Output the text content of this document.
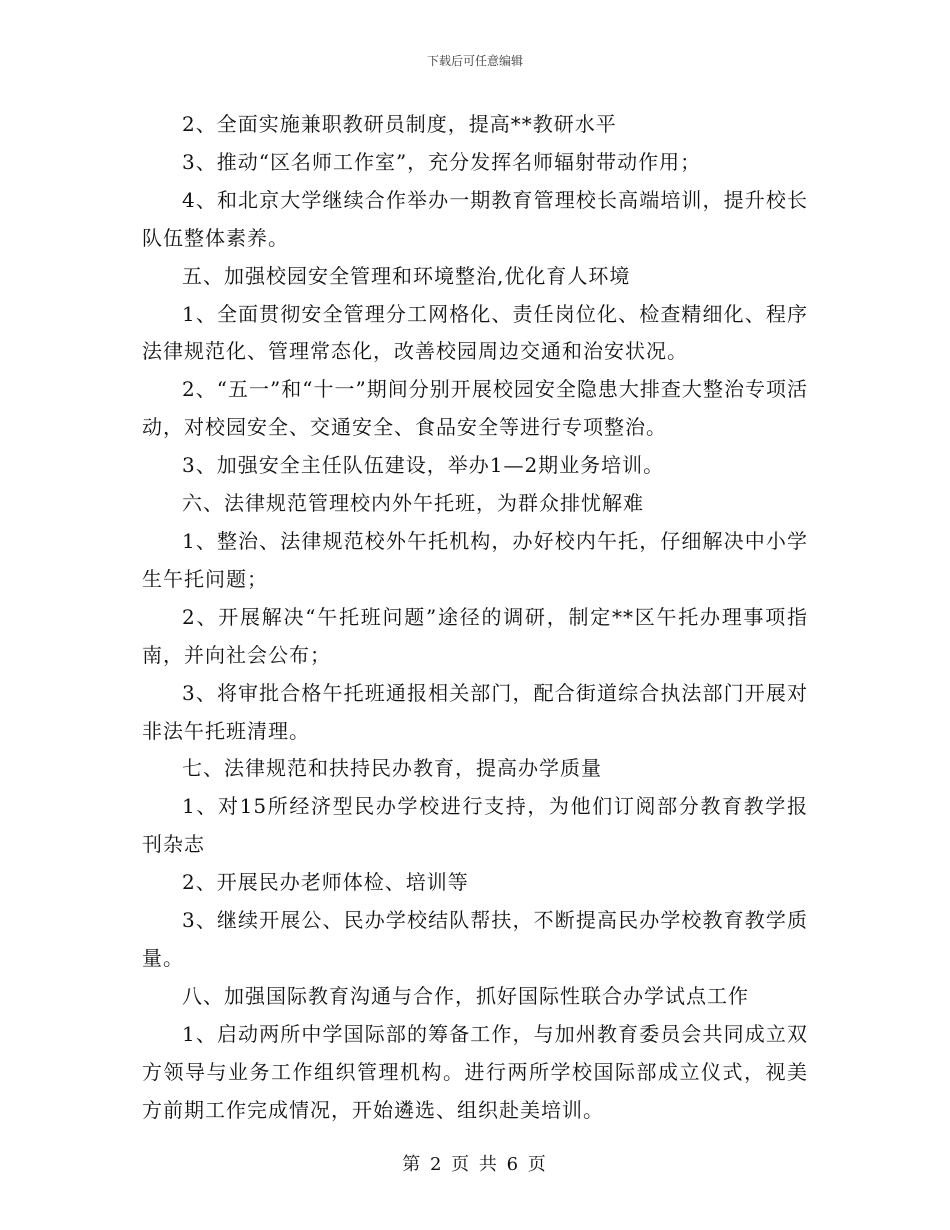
下载后可任意编辑

2、全面实施兼职教研员制度，提高**教研水平

3、推动“区名师工作室”，充分发挥名师辐射带动作用；

4、和北京大学继续合作举办一期教育管理校长高端培训，提升校长队伍整体素养。

五、加强校园安全管理和环境整治,优化育人环境

1、全面贯彻安全管理分工网格化、责任岗位化、检查精细化、程序法律规范化、管理常态化，改善校园周边交通和治安状况。

2、“五一”和“十一”期间分别开展校园安全隐患大排查大整治专项活动，对校园安全、交通安全、食品安全等进行专项整治。

3、加强安全主任队伍建设，举办1—2期业务培训。

六、法律规范管理校内外午托班，为群众排忧解难

1、整治、法律规范校外午托机构，办好校内午托，仔细解决中小学生午托问题；

2、开展解决“午托班问题”途径的调研，制定**区午托办理事项指南，并向社会公布；

3、将审批合格午托班通报相关部门，配合街道综合执法部门开展对非法午托班清理。

七、法律规范和扶持民办教育，提高办学质量

1、对15所经济型民办学校进行支持，为他们订阅部分教育教学报刊杂志

2、开展民办老师体检、培训等

3、继续开展公、民办学校结队帮扶，不断提高民办学校教育教学质量。

八、加强国际教育沟通与合作，抓好国际性联合办学试点工作

1、启动两所中学国际部的筹备工作，与加州教育委员会共同成立双方领导与业务工作组织管理机构。进行两所学校国际部成立仪式，视美方前期工作完成情况，开始遴选、组织赴美培训。

第 2 页 共 6 页
